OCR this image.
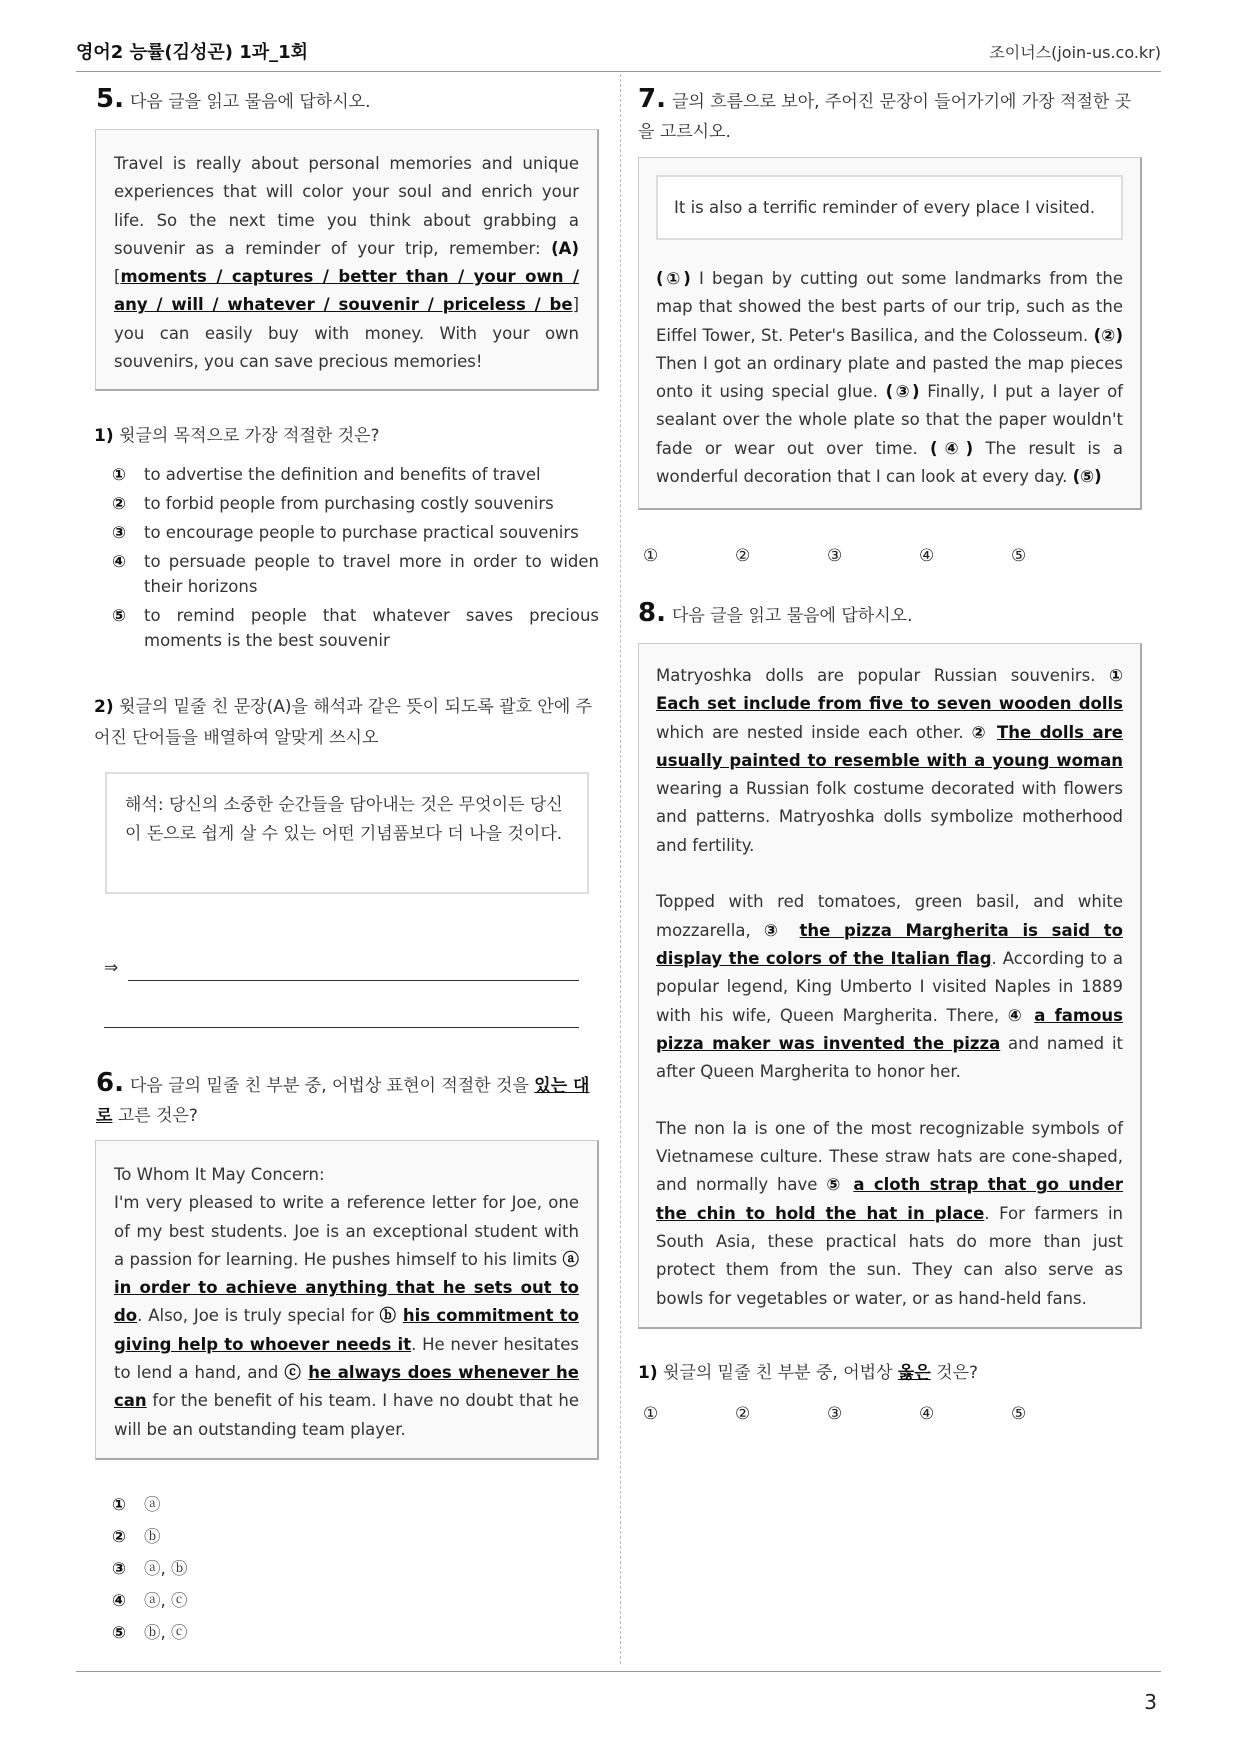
영어2 능률(김성곤) 1과_1회	조이너스(join-us.co.kr)
3
5. 다음 글을 읽고 물음에 답하시오.
Travel is really about personal memories and unique experiences that will color your soul and enrich your life. So the next time you think about grabbing a souvenir as a reminder of your trip, remember: (A) [moments / captures / better than / your own / any / will / whatever / souvenir / priceless / be] you can easily buy with money. With your own souvenirs, you can save precious memories!
1) 윗글의 목적으로 가장 적절한 것은?
① to advertise the definition and benefits of travel
② to forbid people from purchasing costly souvenirs
③ to encourage people to purchase practical souvenirs
④ to persuade people to travel more in order to widen their horizons
⑤ to remind people that whatever saves precious moments is the best souvenir
2) 윗글의 밑줄 친 문장(A)을 해석과 같은 뜻이 되도록 괄호 안에 주어진 단어들을 배열하여 알맞게 쓰시오
해석: 당신의 소중한 순간들을 담아내는 것은 무엇이든 당신이 돈으로 쉽게 살 수 있는 어떤 기념품보다 더 나을 것이다.
⇒
6. 다음 글의 밑줄 친 부분 중, 어법상 표현이 적절한 것을 있는 대로 고른 것은?
To Whom It May Concern:
I'm very pleased to write a reference letter for Joe, one of my best students. Joe is an exceptional student with a passion for learning. He pushes himself to his limits ⓐ in order to achieve anything that he sets out to do. Also, Joe is truly special for ⓑ his commitment to giving help to whoever needs it. He never hesitates to lend a hand, and ⓒ he always does whenever he can for the benefit of his team. I have no doubt that he will be an outstanding team player.
① ⓐ
② ⓑ
③ ⓐ, ⓑ
④ ⓐ, ⓒ
⑤ ⓑ, ⓒ
7. 글의 흐름으로 보아, 주어진 문장이 들어가기에 가장 적절한 곳을 고르시오.
It is also a terrific reminder of every place I visited.
(①) I began by cutting out some landmarks from the map that showed the best parts of our trip, such as the Eiffel Tower, St. Peter's Basilica, and the Colosseum. (②) Then I got an ordinary plate and pasted the map pieces onto it using special glue. (③) Finally, I put a layer of sealant over the whole plate so that the paper wouldn't fade or wear out over time. (④) The result is a wonderful decoration that I can look at every day. (⑤)
①	②	③	④	⑤
8. 다음 글을 읽고 물음에 답하시오.
Matryoshka dolls are popular Russian souvenirs. ① Each set include from five to seven wooden dolls which are nested inside each other. ② The dolls are usually painted to resemble with a young woman wearing a Russian folk costume decorated with flowers and patterns. Matryoshka dolls symbolize motherhood and fertility.

Topped with red tomatoes, green basil, and white mozzarella, ③ the pizza Margherita is said to display the colors of the Italian flag. According to a popular legend, King Umberto I visited Naples in 1889 with his wife, Queen Margherita. There, ④ a famous pizza maker was invented the pizza and named it after Queen Margherita to honor her.

The non la is one of the most recognizable symbols of Vietnamese culture. These straw hats are cone-shaped, and normally have ⑤ a cloth strap that go under the chin to hold the hat in place. For farmers in South Asia, these practical hats do more than just protect them from the sun. They can also serve as bowls for vegetables or water, or as hand-held fans.
1) 윗글의 밑줄 친 부분 중, 어법상 옳은 것은?
①	②	③	④	⑤
